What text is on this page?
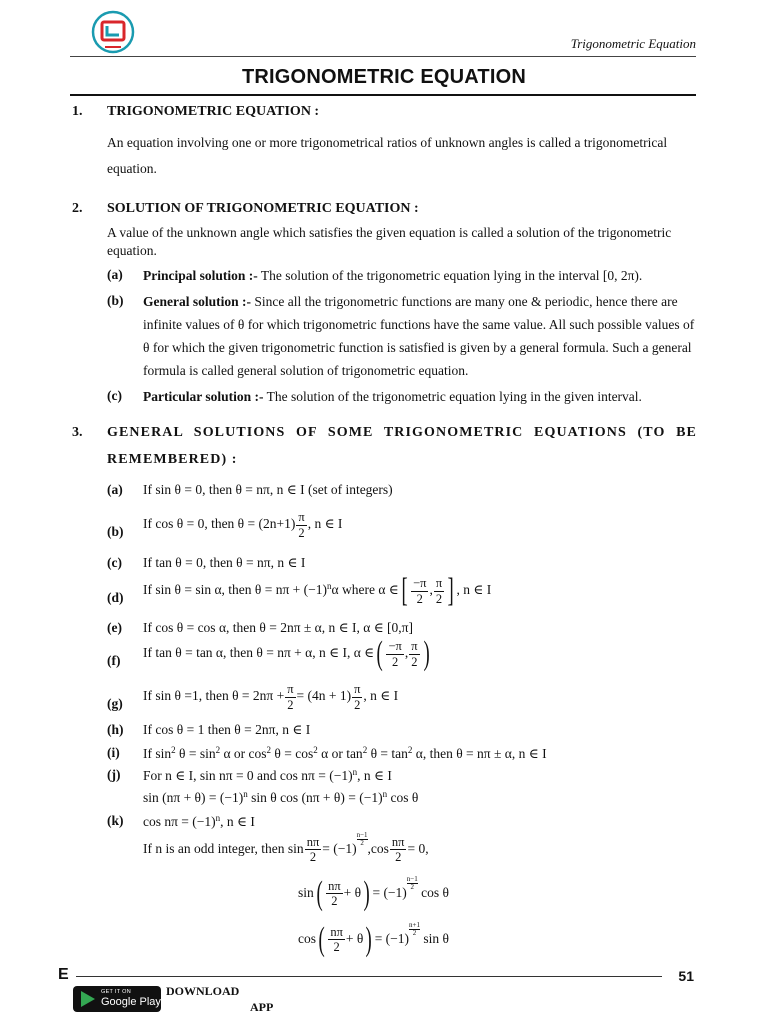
Trigonometric Equation
TRIGONOMETRIC EQUATION
1. TRIGONOMETRIC EQUATION :
An equation involving one or more trigonometrical ratios of unknown angles is called a trigonometrical equation.
2. SOLUTION OF TRIGONOMETRIC EQUATION :
A value of the unknown angle which satisfies the given equation is called a solution of the trigonometric equation.
(a) Principal solution :- The solution of the trigonometric equation lying in the interval [0, 2π).
(b) General solution :- Since all the trigonometric functions are many one & periodic, hence there are infinite values of θ for which trigonometric functions have the same value. All such possible values of θ for which the given trigonometric function is satisfied is given by a general formula. Such a general formula is called general solution of trigonometric equation.
(c) Particular solution :- The solution of the trigonometric equation lying in the given interval.
3. GENERAL SOLUTIONS OF SOME TRIGONOMETRIC EQUATIONS (TO BE
REMEMBERED) :
(a) If sin θ = 0, then θ = nπ, n ∈ I (set of integers)
(b)
If cos θ = 0, then $\theta = (2n+1) \frac{\pi}{2}$ , n ∈ I
(c) If tan θ = 0, then θ = nπ, n ∈ I
(d)
If sin θ = sin α, then $\theta = n\pi + (-1)^n\alpha$ where α ∈[ $\frac{-\pi}{2}$ , $\frac{\pi}{2}$ ] , n ∈ I
(e) If cos θ = cos α, then θ = 2nπ ± α, n ∈ I, α ∈ [0,π]
(f)
If tan θ = tan α, then θ = nπ + α, n ∈ I, α ∈( $\frac{-\pi}{2}$ , $\frac{\pi}{2}$ )
(g)
If sin θ =1, then $\theta = 2n\pi + \frac{\pi}{2} = (4n + 1) \frac{\pi}{2}$ , n ∈ I
(h) If cos θ = 1 then θ = 2nπ, n ∈ I
(i) If $\sin^2 \theta = \sin^2 \alpha$ or $\cos^2 \theta = \cos^2 \alpha$ or $\tan^2 \theta = \tan^2 \alpha$, then θ = nπ ± α, n ∈ I
(j) For n ∈ I, sin nπ = 0 and $\cos n\pi = (-1)^n$, n ∈ I
$\sin (n\pi + \theta) = (-1)^n$ sin θ $\cos (n\pi + \theta) = (-1)^n$ cos θ
(k) $\cos n\pi = (-1)^n$, n ∈ I
If n is an odd integer, then $\sin \frac{n\pi}{2} = (-1)$
$\frac{n-1}{2}$
$,\cos \frac{n\pi}{2} = 0$,
$\sin( \frac{n\pi}{2} + \theta) = (-1)$
$\frac{n-1}{2}$
cos θ
$\cos( \frac{n\pi}{2} + \theta) = (-1)$
$\frac{n+1}{2}$
sin θ
E	51
GET IT ON
Google Play
DOWNLOAD
APP
